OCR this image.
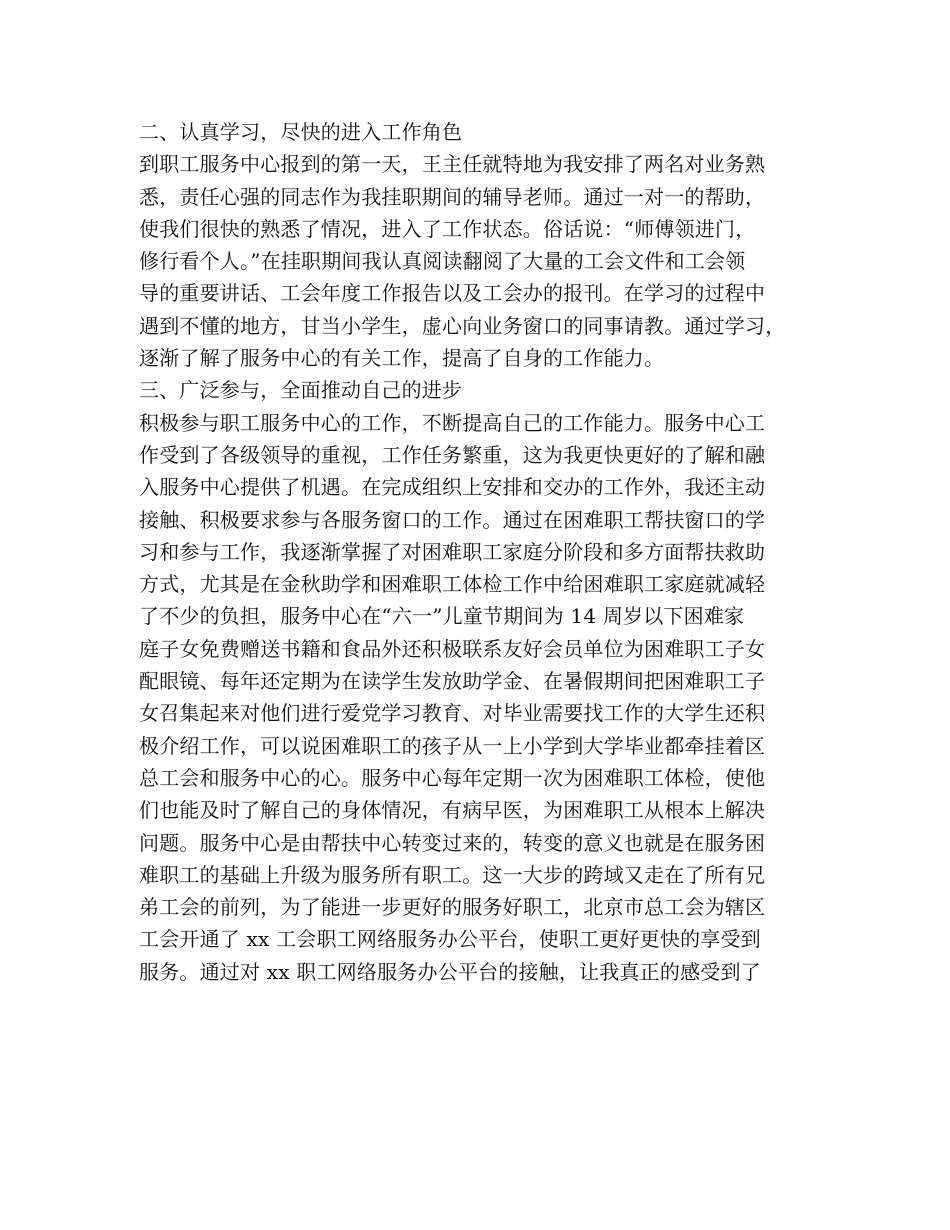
二、认真学习，尽快的进入工作角色
到职工服务中心报到的第一天，王主任就特地为我安排了两名对业务熟
悉，责任心强的同志作为我挂职期间的辅导老师。通过一对一的帮助，
使我们很快的熟悉了情况，进入了工作状态。俗话说：“师傅领进门，
修行看个人。”在挂职期间我认真阅读翻阅了大量的工会文件和工会领
导的重要讲话、工会年度工作报告以及工会办的报刊。在学习的过程中
遇到不懂的地方，甘当小学生，虚心向业务窗口的同事请教。通过学习，
逐渐了解了服务中心的有关工作，提高了自身的工作能力。
三、广泛参与，全面推动自己的进步
积极参与职工服务中心的工作，不断提高自己的工作能力。服务中心工
作受到了各级领导的重视，工作任务繁重，这为我更快更好的了解和融
入服务中心提供了机遇。在完成组织上安排和交办的工作外，我还主动
接触、积极要求参与各服务窗口的工作。通过在困难职工帮扶窗口的学
习和参与工作，我逐渐掌握了对困难职工家庭分阶段和多方面帮扶救助
方式，尤其是在金秋助学和困难职工体检工作中给困难职工家庭就减轻
了不少的负担，服务中心在“六一”儿童节期间为 14 周岁以下困难家
庭子女免费赠送书籍和食品外还积极联系友好会员单位为困难职工子女
配眼镜、每年还定期为在读学生发放助学金、在暑假期间把困难职工子
女召集起来对他们进行爱党学习教育、对毕业需要找工作的大学生还积
极介绍工作，可以说困难职工的孩子从一上小学到大学毕业都牵挂着区
总工会和服务中心的心。服务中心每年定期一次为困难职工体检，使他
们也能及时了解自己的身体情况，有病早医，为困难职工从根本上解决
问题。服务中心是由帮扶中心转变过来的，转变的意义也就是在服务困
难职工的基础上升级为服务所有职工。这一大步的跨域又走在了所有兄
弟工会的前列，为了能进一步更好的服务好职工，北京市总工会为辖区
工会开通了 xx 工会职工网络服务办公平台，使职工更好更快的享受到
服务。通过对 xx 职工网络服务办公平台的接触，让我真正的感受到了
